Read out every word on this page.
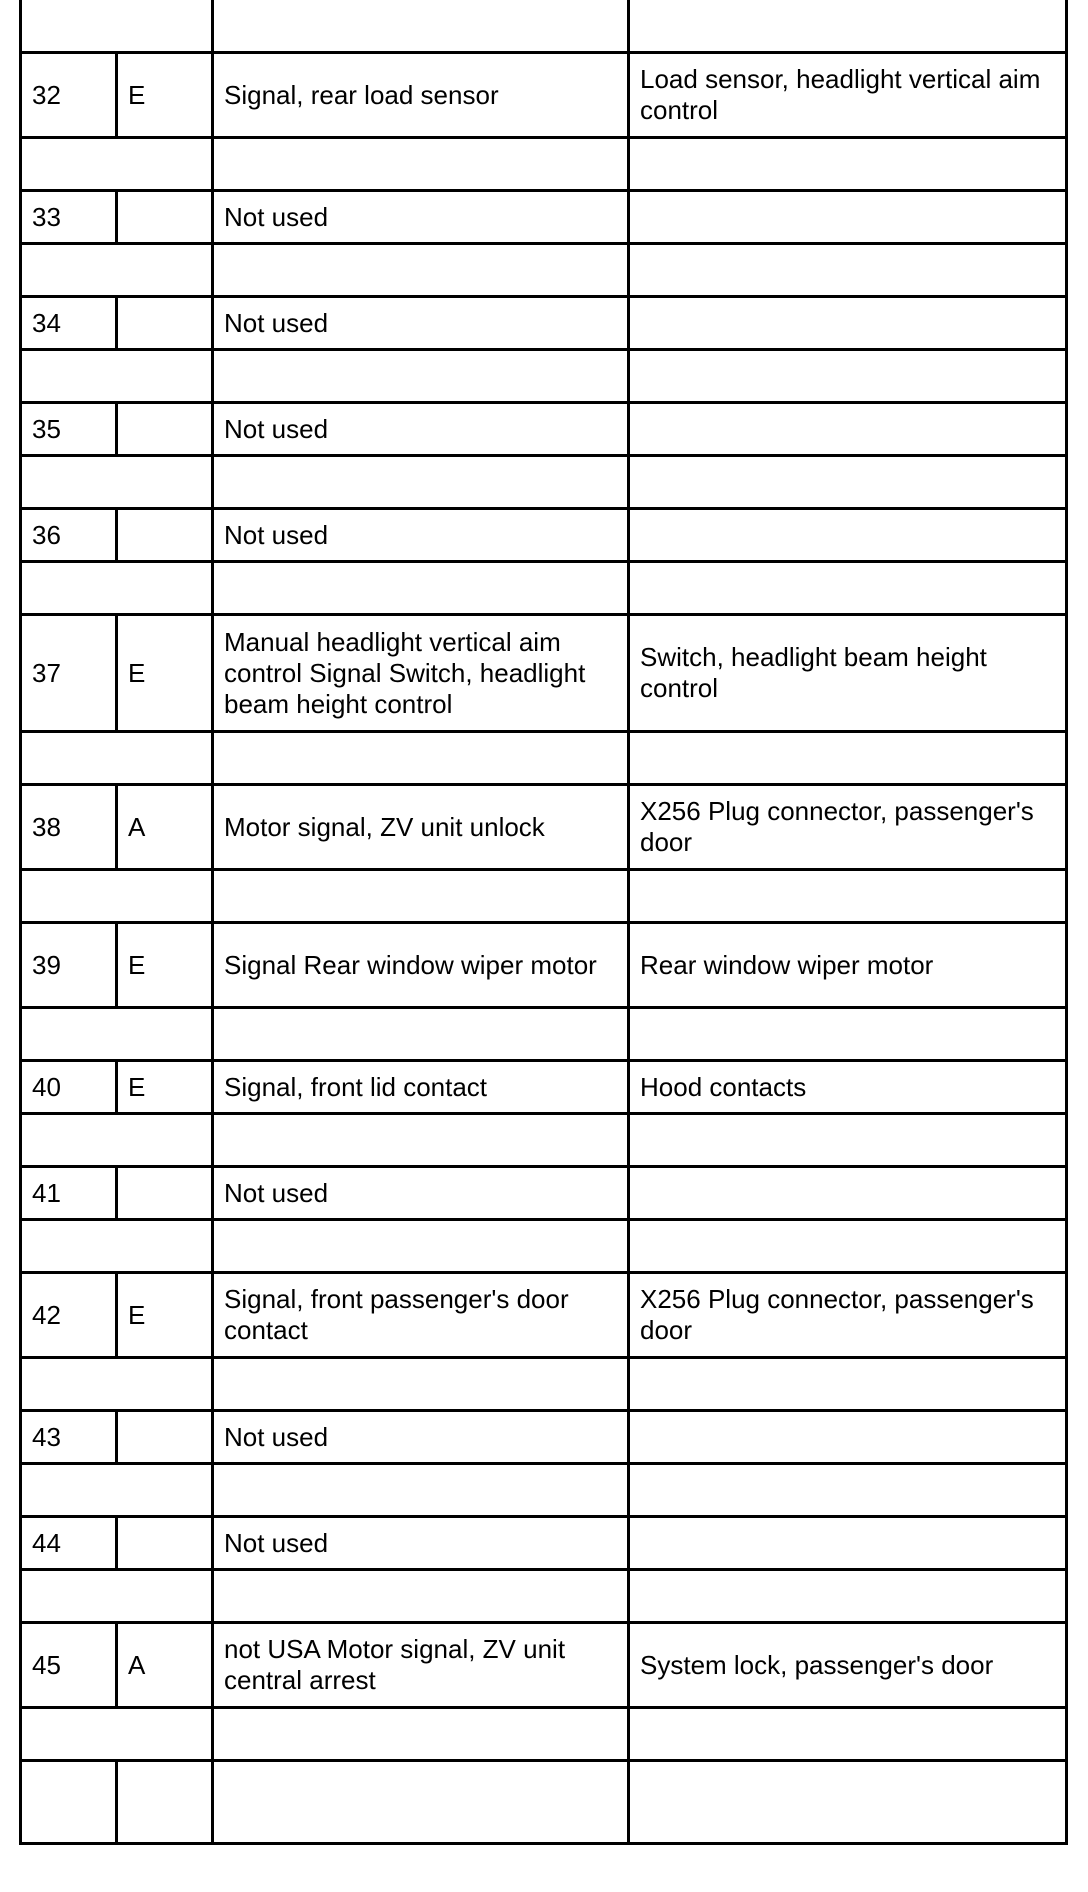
32	E	Signal, rear load sensor	Load sensor, headlight vertical aim control

33		Not used	

34		Not used	

35		Not used	

36		Not used	

37	E	Manual headlight vertical aim control Signal Switch, headlight beam height control	Switch, headlight beam height control

38	A	Motor signal, ZV unit unlock	X256 Plug connector, passenger's door

39	E	Signal Rear window wiper motor	Rear window wiper motor

40	E	Signal, front lid contact	Hood contacts

41		Not used	

42	E	Signal, front passenger's door contact	X256 Plug connector, passenger's door

43		Not used	

44		Not used	

45	A	not USA Motor signal, ZV unit central arrest	System lock, passenger's door
